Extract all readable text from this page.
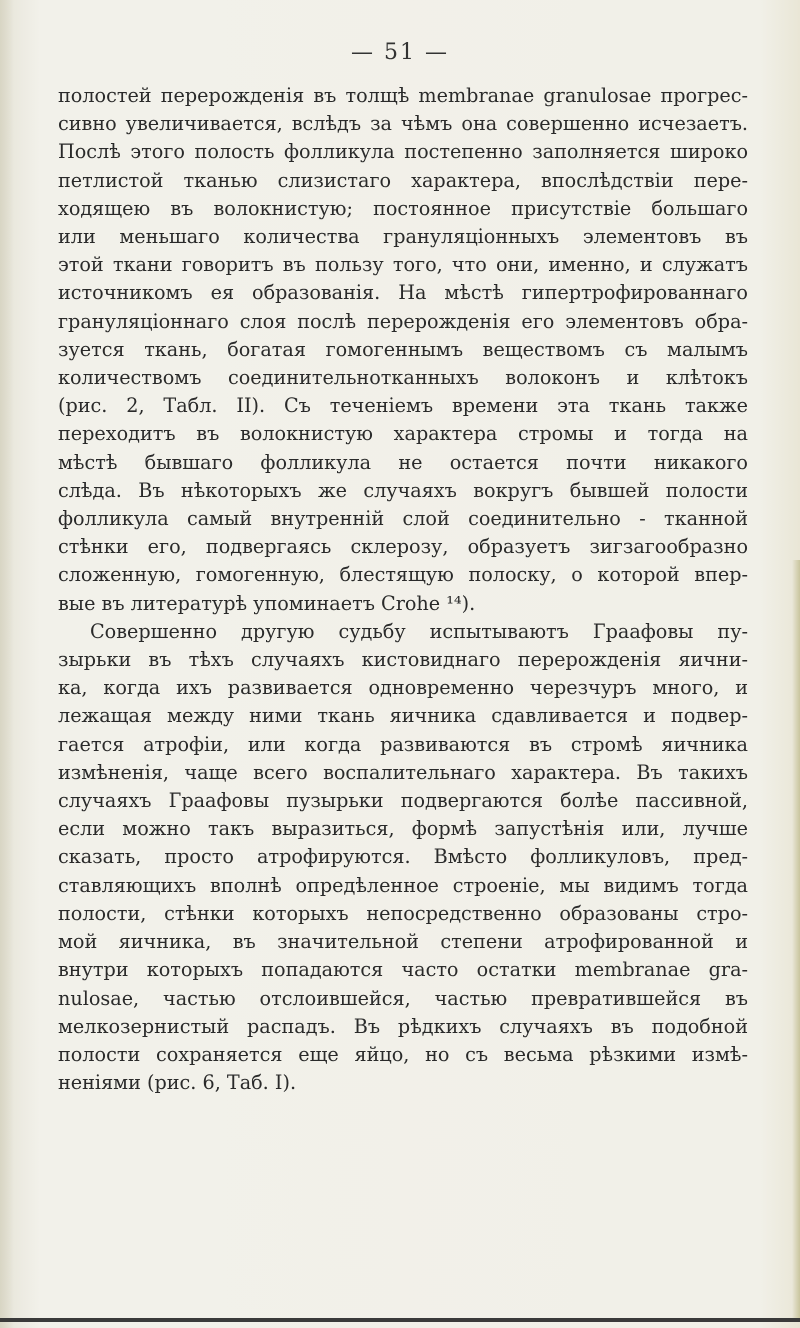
— 51 —
полостей перерожденія въ толщѣ membranae granulosae прогрес-
сивно увеличивается, вслѣдъ за чѣмъ она совершенно исчезаетъ.
Послѣ этого полость фолликула постепенно заполняется широко
петлистой тканью слизистаго характера, впослѣдствіи пере-
ходящею въ волокнистую; постоянное присутствіе большаго
или меньшаго количества грануляціонныхъ элементовъ въ
этой ткани говоритъ въ пользу того, что они, именно, и служатъ
источникомъ ея образованія. На мѣстѣ гипертрофированнаго
грануляціоннаго слоя послѣ перерожденія его элементовъ обра-
зуется ткань, богатая гомогеннымъ веществомъ съ малымъ
количествомъ соединительнотканныхъ волоконъ и клѣтокъ
(рис. 2, Табл. II). Съ теченіемъ времени эта ткань также
переходитъ въ волокнистую характера стромы и тогда на
мѣстѣ бывшаго фолликула не остается почти никакого
слѣда. Въ нѣкоторыхъ же случаяхъ вокругъ бывшей полости
фолликула самый внутренній слой соединительно - тканной
стѣнки его, подвергаясь склерозу, образуетъ зигзагообразно
сложенную, гомогенную, блестящую полоску, о которой впер-
вые въ литературѣ упоминаетъ Crohe ¹⁴).
Совершенно другую судьбу испытываютъ Граафовы пу-
зырьки въ тѣхъ случаяхъ кистовиднаго перерожденія яични-
ка, когда ихъ развивается одновременно черезчуръ много, и
лежащая между ними ткань яичника сдавливается и подвер-
гается атрофіи, или когда развиваются въ стромѣ яичника
измѣненія, чаще всего воспалительнаго характера. Въ такихъ
случаяхъ Граафовы пузырьки подвергаются болѣе пассивной,
если можно такъ выразиться, формѣ запустѣнія или, лучше
сказать, просто атрофируются. Вмѣсто фолликуловъ, пред-
ставляющихъ вполнѣ опредѣленное строеніе, мы видимъ тогда
полости, стѣнки которыхъ непосредственно образованы стро-
мой яичника, въ значительной степени атрофированной и
внутри которыхъ попадаются часто остатки membranae gra-
nulosae, частью отслоившейся, частью превратившейся въ
мелкозернистый распадъ. Въ рѣдкихъ случаяхъ въ подобной
полости сохраняется еще яйцо, но съ весьма рѣзкими измѣ-
неніями (рис. 6, Таб. I).
